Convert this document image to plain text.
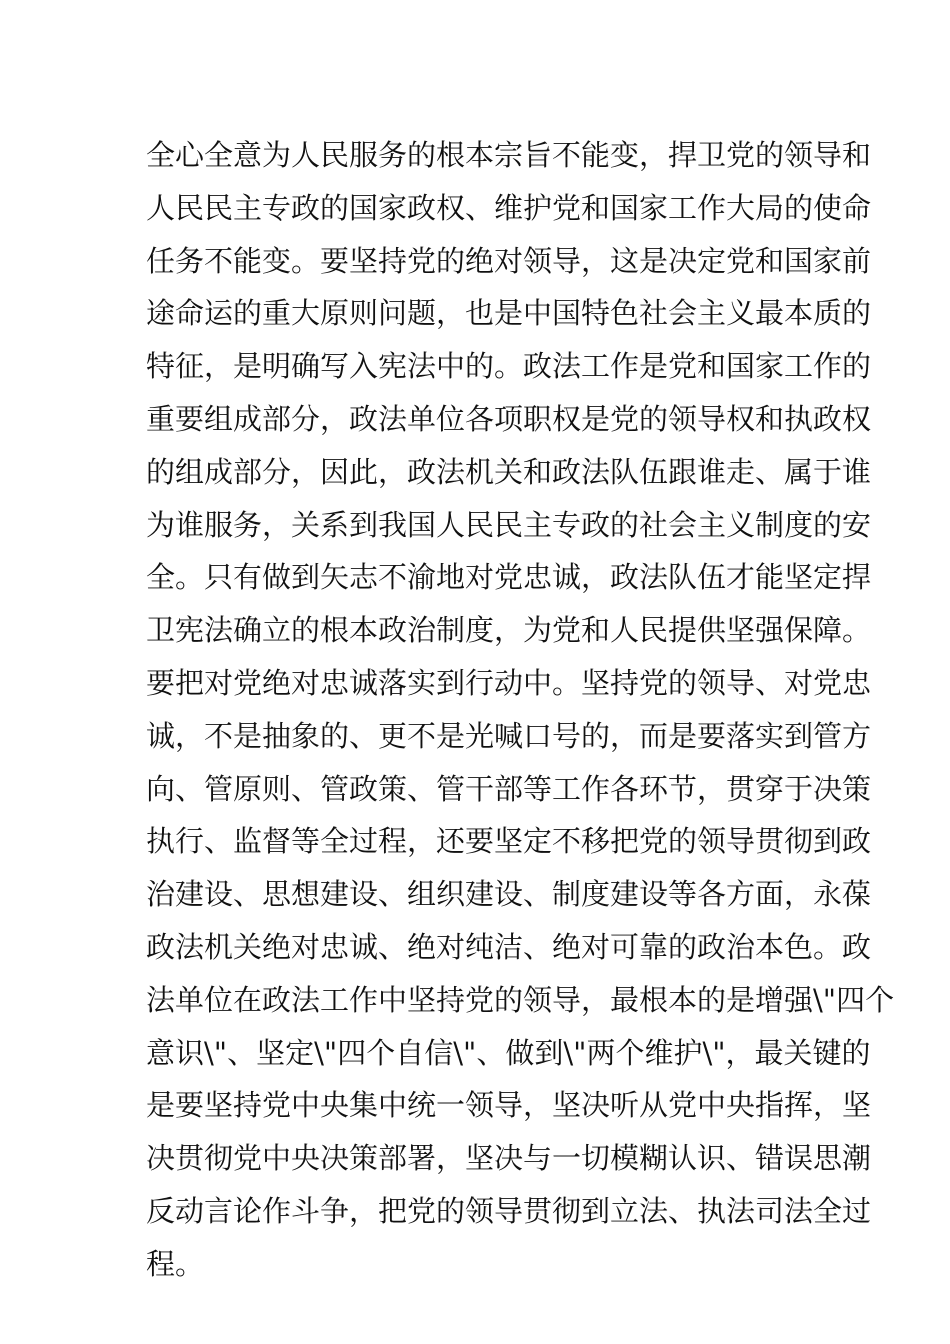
全心全意为人民服务的根本宗旨不能变，捍卫党的领导和
人民民主专政的国家政权、维护党和国家工作大局的使命
任务不能变。要坚持党的绝对领导，这是决定党和国家前
途命运的重大原则问题，也是中国特色社会主义最本质的
特征，是明确写入宪法中的。政法工作是党和国家工作的
重要组成部分，政法单位各项职权是党的领导权和执政权
的组成部分，因此，政法机关和政法队伍跟谁走、属于谁
为谁服务，关系到我国人民民主专政的社会主义制度的安
全。只有做到矢志不渝地对党忠诚，政法队伍才能坚定捍
卫宪法确立的根本政治制度，为党和人民提供坚强保障。
要把对党绝对忠诚落实到行动中。坚持党的领导、对党忠
诚，不是抽象的、更不是光喊口号的，而是要落实到管方
向、管原则、管政策、管干部等工作各环节，贯穿于决策
执行、监督等全过程，还要坚定不移把党的领导贯彻到政
治建设、思想建设、组织建设、制度建设等各方面，永葆
政法机关绝对忠诚、绝对纯洁、绝对可靠的政治本色。政
法单位在政法工作中坚持党的领导，最根本的是增强\"四个
意识\"、坚定\"四个自信\"、做到\"两个维护\"，最关键的
是要坚持党中央集中统一领导，坚决听从党中央指挥，坚
决贯彻党中央决策部署，坚决与一切模糊认识、错误思潮
反动言论作斗争，把党的领导贯彻到立法、执法司法全过
程。
